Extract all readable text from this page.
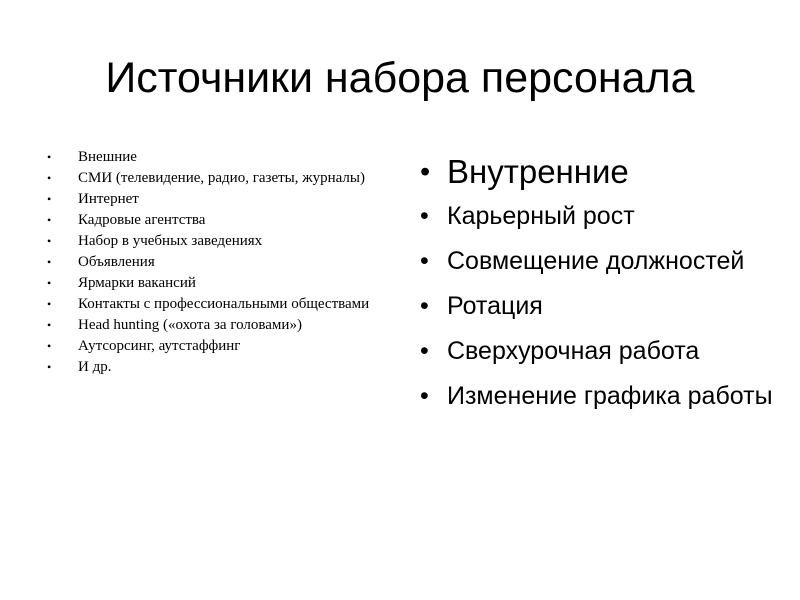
Источники набора персонала
• Внешние
• СМИ (телевидение, радио, газеты, журналы)
• Интернет
• Кадровые агентства
• Набор в учебных заведениях
• Объявления
• Ярмарки вакансий
• Контакты с профессиональными обществами
• Head hunting («охота за головами»)
• Аутсорсинг, аутстаффинг
• И др.
• Внутренние
• Карьерный рост
• Совмещение должностей
• Ротация
• Сверхурочная работа
• Изменение графика работы
